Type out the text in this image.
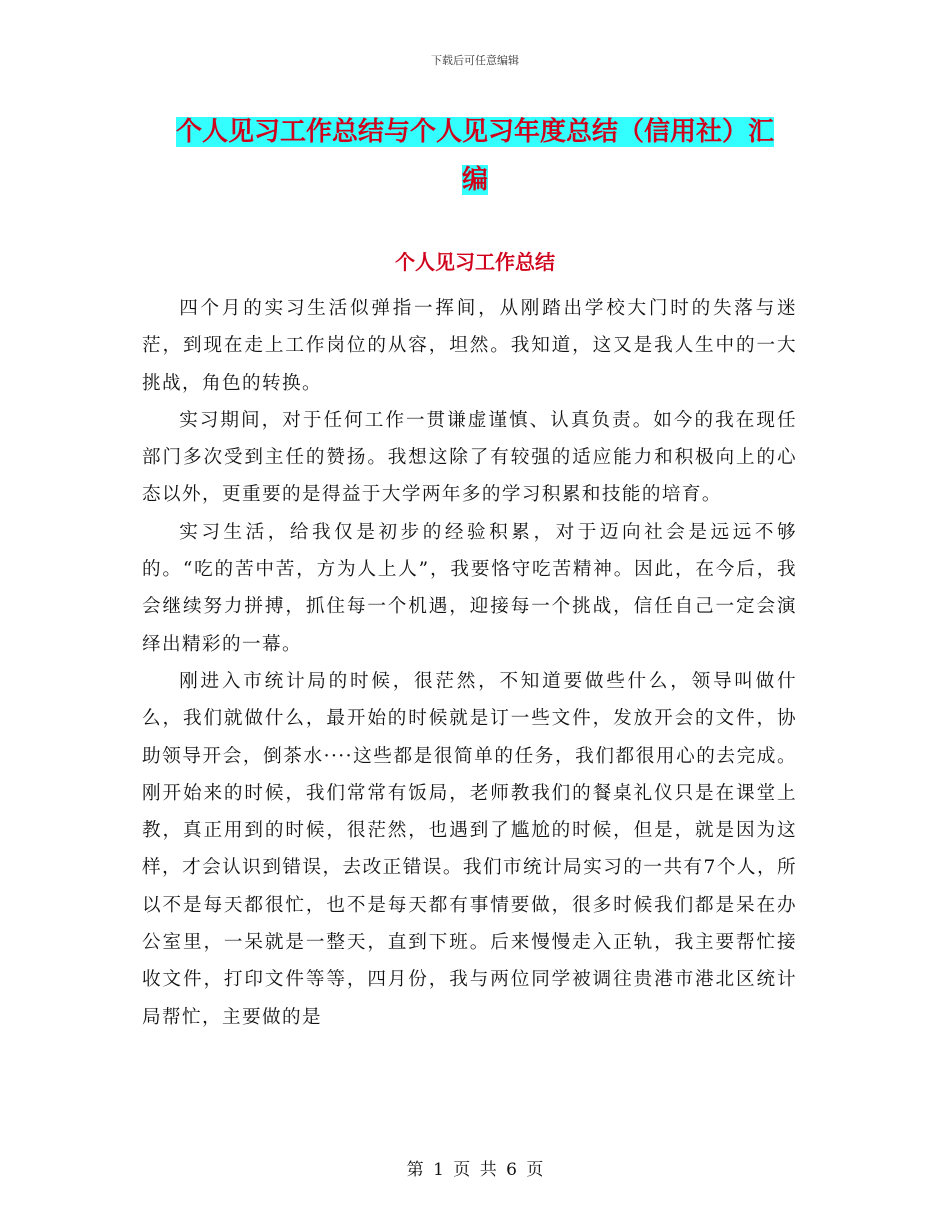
下载后可任意编辑
个人见习工作总结与个人见习年度总结（信用社）汇
编
个人见习工作总结

四个月的实习生活似弹指一挥间，从刚踏出学校大门时的失落与迷茫，到现在走上工作岗位的从容，坦然。我知道，这又是我人生中的一大挑战，角色的转换。

实习期间，对于任何工作一贯谦虚谨慎、认真负责。如今的我在现任部门多次受到主任的赞扬。我想这除了有较强的适应能力和积极向上的心态以外，更重要的是得益于大学两年多的学习积累和技能的培育。

实习生活，给我仅是初步的经验积累，对于迈向社会是远远不够的。“吃的苦中苦，方为人上人”，我要恪守吃苦精神。因此，在今后，我会继续努力拼搏，抓住每一个机遇，迎接每一个挑战，信任自己一定会演绎出精彩的一幕。

刚进入市统计局的时候，很茫然，不知道要做些什么，领导叫做什么，我们就做什么，最开始的时候就是订一些文件，发放开会的文件，协助领导开会，倒茶水····这些都是很简单的任务，我们都很用心的去完成。刚开始来的时候，我们常常有饭局，老师教我们的餐桌礼仪只是在课堂上教，真正用到的时候，很茫然，也遇到了尴尬的时候，但是，就是因为这样，才会认识到错误，去改正错误。我们市统计局实习的一共有7个人，所以不是每天都很忙，也不是每天都有事情要做，很多时候我们都是呆在办公室里，一呆就是一整天，直到下班。后来慢慢走入正轨，我主要帮忙接收文件，打印文件等等，四月份，我与两位同学被调往贵港市港北区统计局帮忙，主要做的是

第 1 页 共 6 页
